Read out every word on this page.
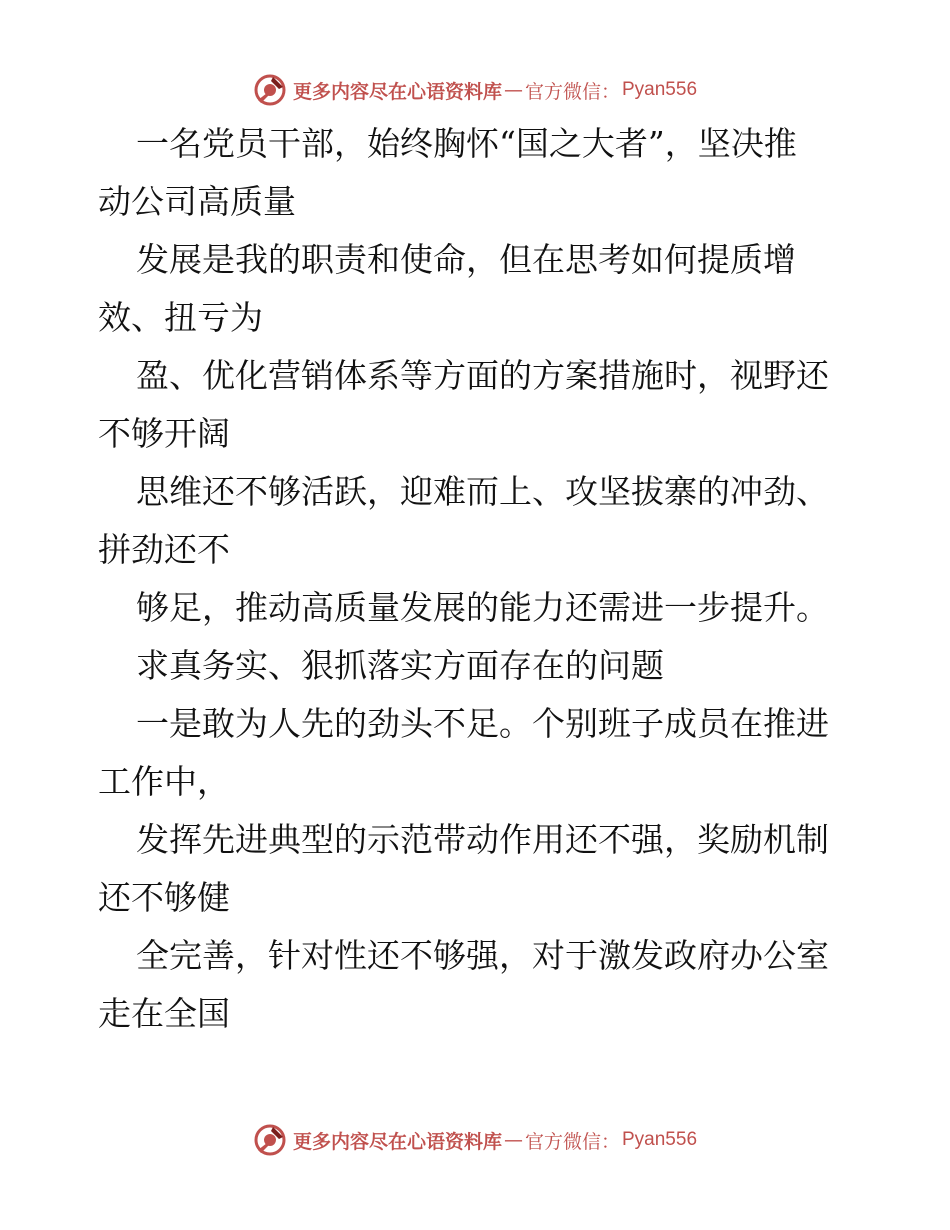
更多内容尽在心语资料库 — 官方微信： Pyan556
一名党员干部，始终胸怀“国之大者”，坚决推
动公司高质量
发展是我的职责和使命，但在思考如何提质增
效、扭亏为
盈、优化营销体系等方面的方案措施时，视野还
不够开阔
思维还不够活跃，迎难而上、攻坚拔寨的冲劲、
拼劲还不
够足，推动高质量发展的能力还需进一步提升。
求真务实、狠抓落实方面存在的问题
一是敢为人先的劲头不足。个别班子成员在推进
工作中，
发挥先进典型的示范带动作用还不强，奖励机制
还不够健
全完善，针对性还不够强，对于激发政府办公室
走在全国
更多内容尽在心语资料库 — 官方微信： Pyan556
